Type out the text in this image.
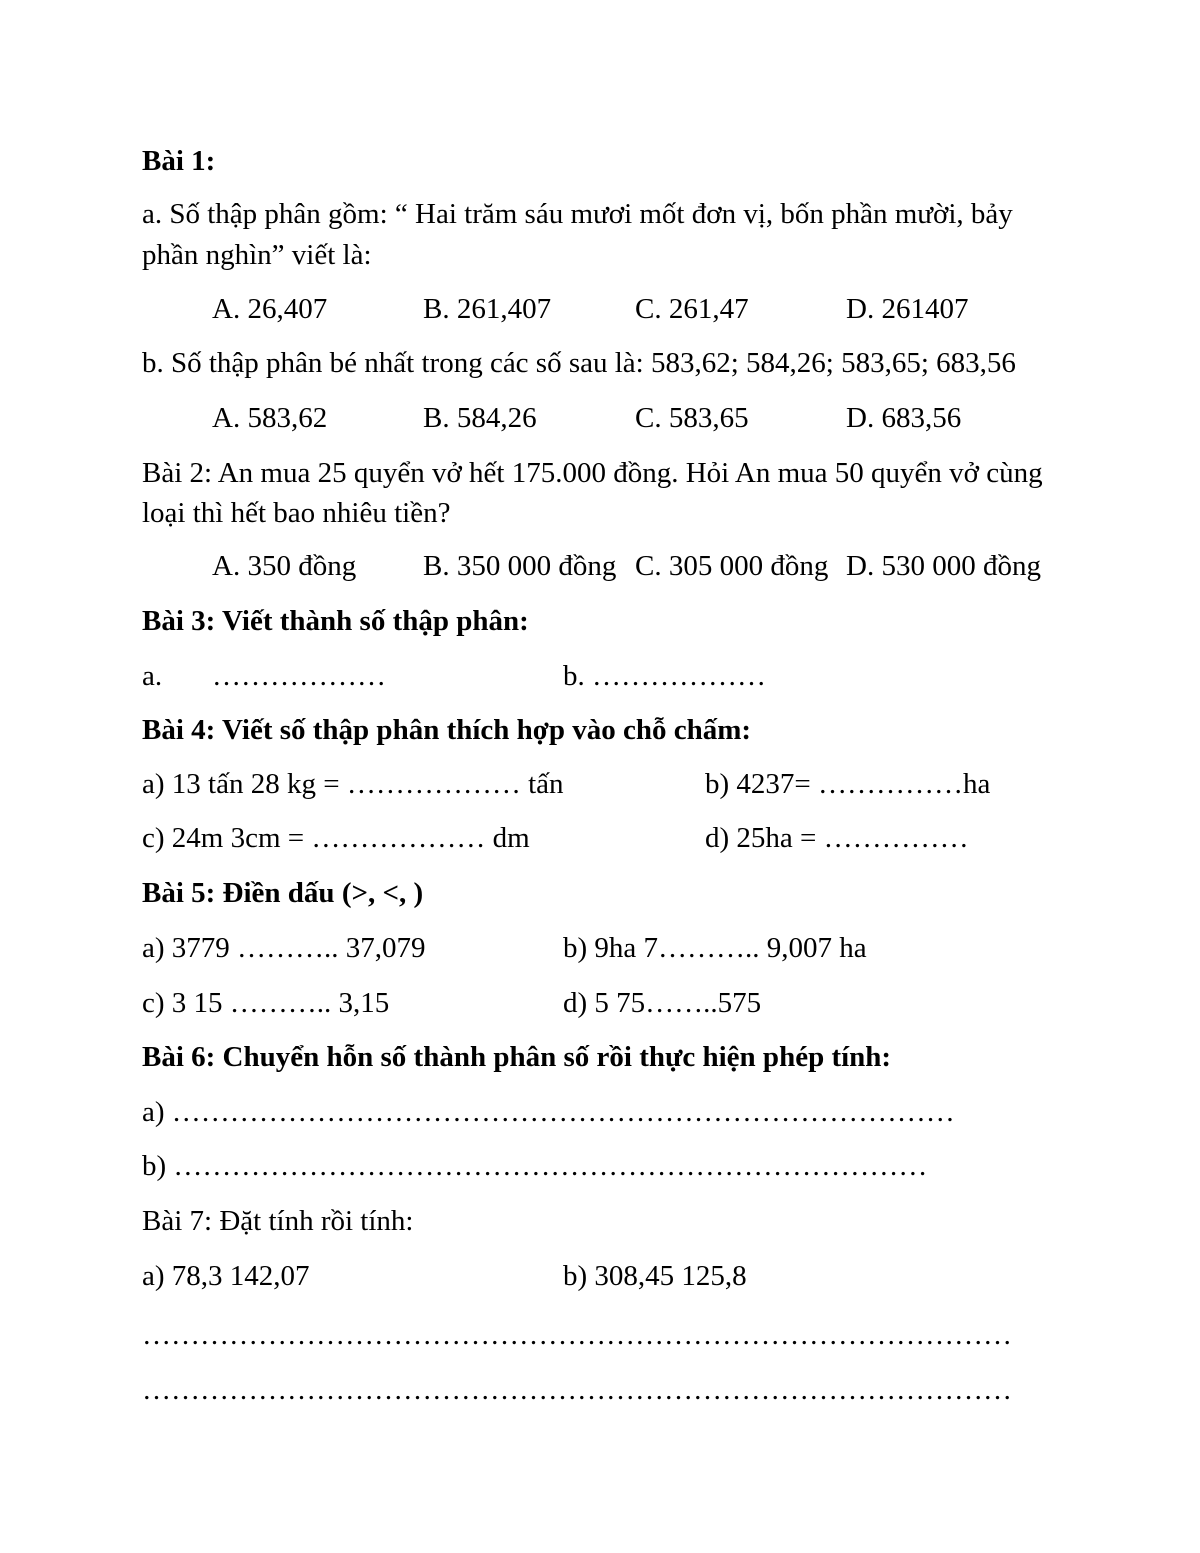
Bài 1:
a. Số thập phân gồm: “ Hai trăm sáu mươi mốt đơn vị, bốn phần mười, bảy
phần nghìn” viết là:
A. 26,407	B. 261,407	C. 261,47	D. 261407
b. Số thập phân bé nhất trong các số sau là: 583,62; 584,26; 583,65; 683,56
A. 583,62	B. 584,26	C. 583,65	D. 683,56
Bài 2: An mua 25 quyển vở hết 175.000 đồng. Hỏi An mua 50 quyển vở cùng
loại thì hết bao nhiêu tiền?
A. 350 đồng B. 350 000 đồng C. 305 000 đồng D. 530 000 đồng
Bài 3: Viết thành số thập phân:
a. ………………	b. ………………
Bài 4: Viết số thập phân thích hợp vào chỗ chấm:
a) 13 tấn 28 kg = ……………… tấn	b) 4237= ……………ha
c) 24m 3cm = ……………… dm	d) 25ha = ……………
Bài 5: Điền dấu (>, <, )
a) 3779 ……….. 37,079	b) 9ha 7……….. 9,007 ha
c) 3 15 ……….. 3,15	d) 5 75……..575
Bài 6: Chuyển hỗn số thành phân số rồi thực hiện phép tính:
a) ………………………………………………………………………
b) ……………………………………………………………………
Bài 7: Đặt tính rồi tính:
a) 78,3 142,07	b) 308,45 125,8
………………………………………………………………………………
………………………………………………………………………………
